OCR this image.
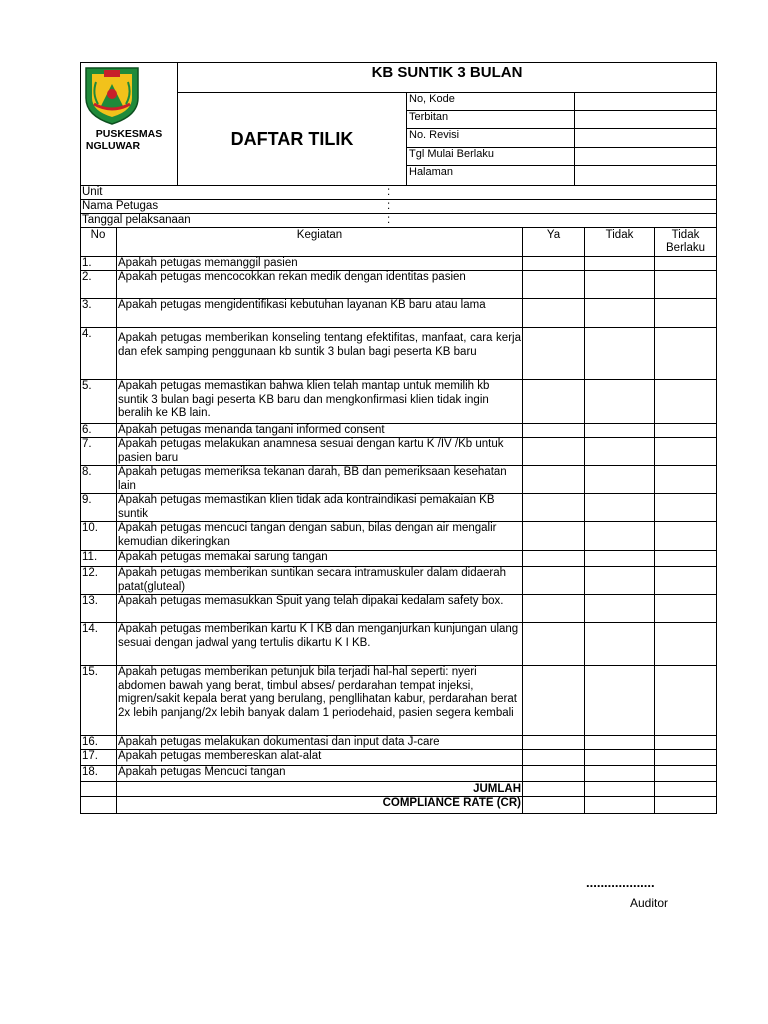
PUSKESMAS
NGLUWAR
KB SUNTIK 3 BULAN
DAFTAR TILIK
No, Kode
Terbitan
No. Revisi
Tgl Mulai Berlaku
Halaman
Unit	:
Nama Petugas	:
Tanggal pelaksanaan	:
No	Kegiatan	Ya	Tidak	Tidak
Berlaku
1. Apakah petugas memanggil pasien
2. Apakah petugas mencocokkan rekan medik dengan identitas pasien
3. Apakah petugas mengidentifikasi kebutuhan layanan KB baru atau lama
4. Apakah petugas memberikan konseling tentang efektifitas, manfaat, cara kerja dan efek samping penggunaan kb suntik 3 bulan bagi peserta KB baru
5. Apakah petugas memastikan bahwa klien telah mantap untuk memilih kb suntik 3 bulan bagi peserta KB baru dan mengkonfirmasi klien tidak ingin beralih ke KB lain.
6. Apakah petugas menanda tangani informed consent
7. Apakah petugas melakukan anamnesa sesuai dengan kartu K /IV /Kb untuk pasien baru
8. Apakah petugas memeriksa tekanan darah, BB dan pemeriksaan kesehatan lain
9. Apakah petugas memastikan klien tidak ada kontraindikasi pemakaian KB suntik
10. Apakah petugas mencuci tangan dengan sabun, bilas dengan air mengalir kemudian dikeringkan
11. Apakah petugas memakai sarung tangan
12. Apakah petugas memberikan suntikan secara intramuskuler dalam didaerah patat(gluteal)
13. Apakah petugas memasukkan Spuit yang telah dipakai kedalam safety box.
14. Apakah petugas memberikan kartu K I KB dan menganjurkan kunjungan ulang sesuai dengan jadwal yang tertulis dikartu K I KB.
15. Apakah petugas memberikan petunjuk bila terjadi hal-hal seperti: nyeri abdomen bawah yang berat, timbul abses/ perdarahan tempat injeksi, migren/sakit kepala berat yang berulang, pengllihatan kabur, perdarahan berat 2x lebih panjang/2x lebih banyak dalam 1 periodehaid, pasien segera kembali
16. Apakah petugas melakukan dokumentasi dan input data J-care
17. Apakah petugas membereskan alat-alat
18. Apakah petugas Mencuci tangan
JUMLAH
COMPLIANCE RATE (CR)
...................
Auditor
